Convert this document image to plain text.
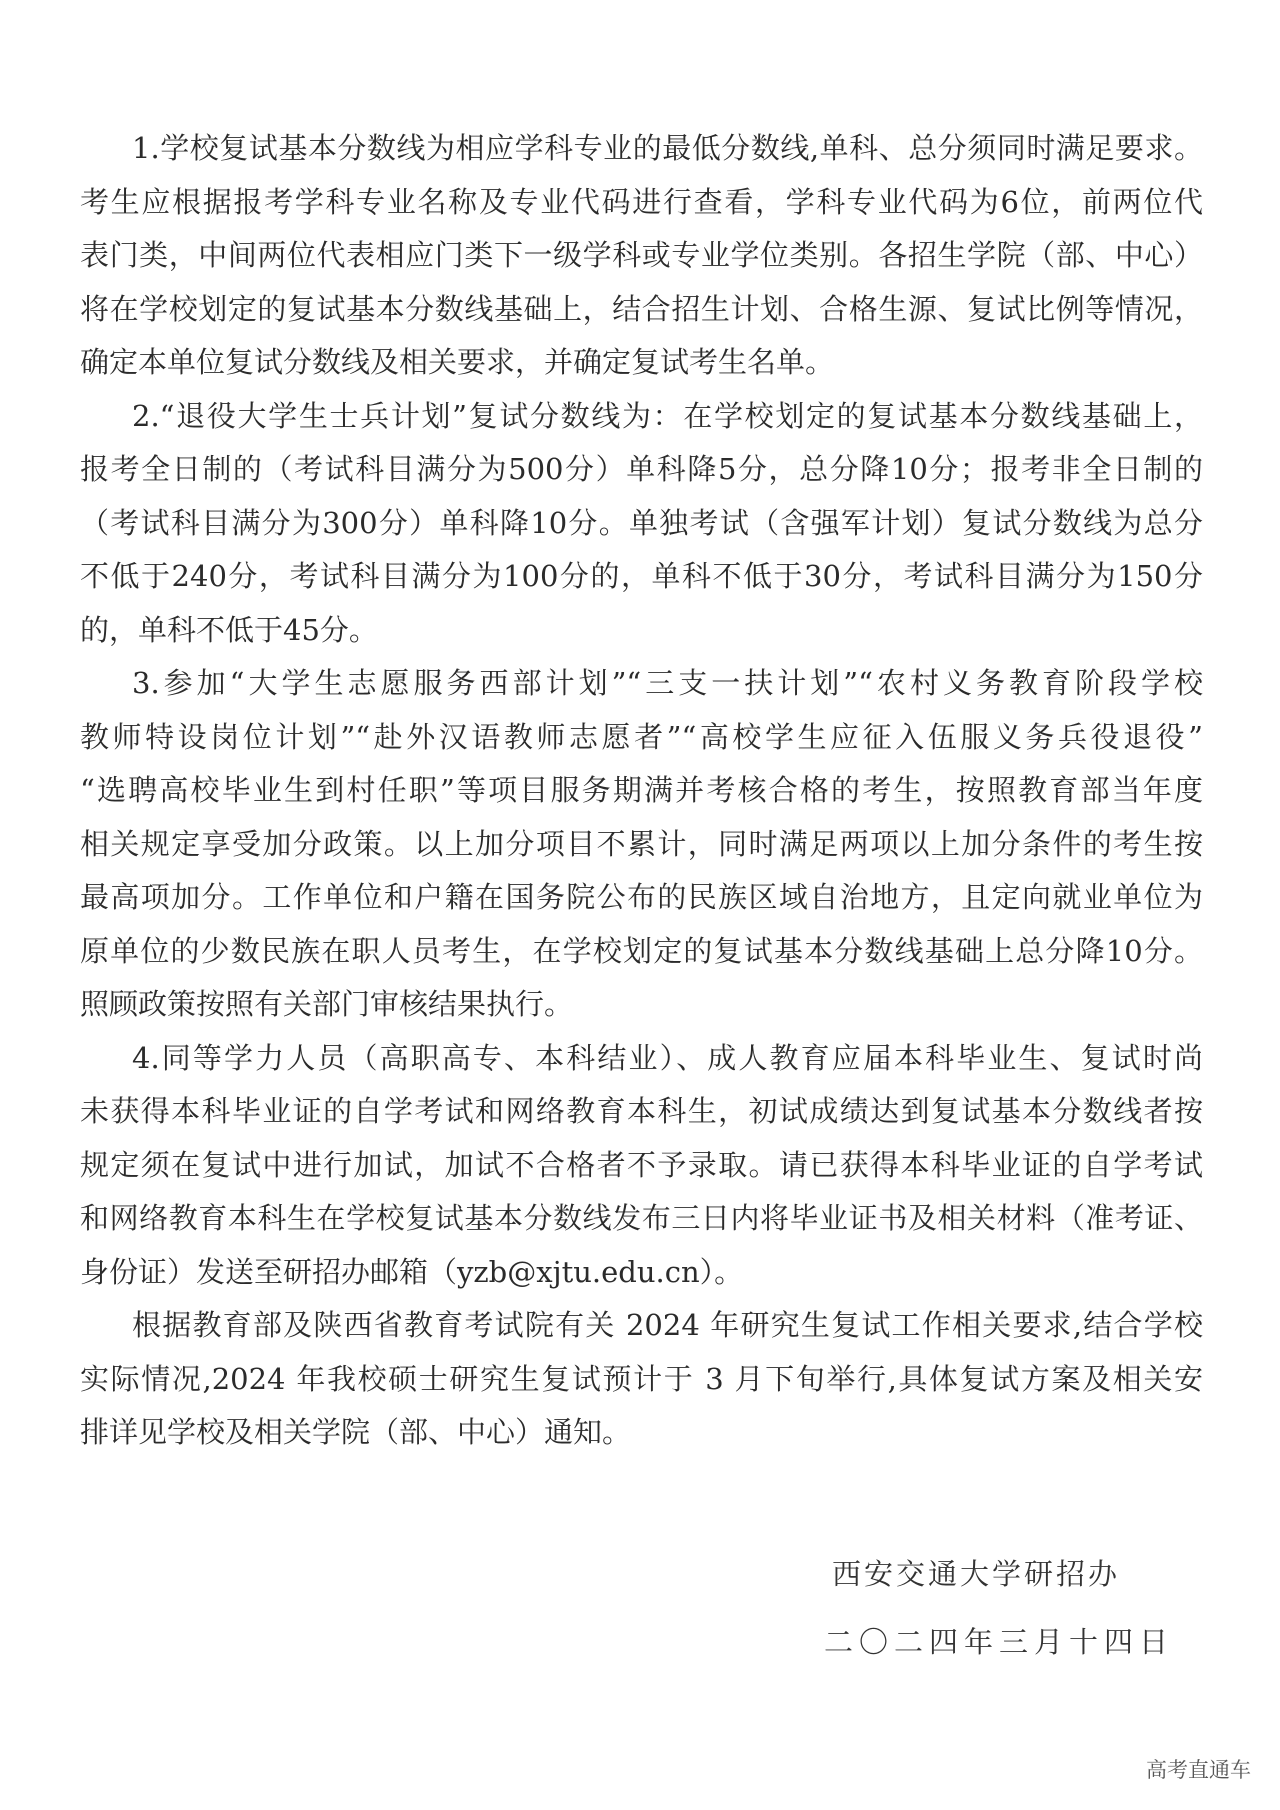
1.学校复试基本分数线为相应学科专业的最低分数线,单科、总分须同时满足要求。
考生应根据报考学科专业名称及专业代码进行查看，学科专业代码为6位，前两位代
表门类，中间两位代表相应门类下一级学科或专业学位类别。各招生学院（部、中心）
将在学校划定的复试基本分数线基础上，结合招生计划、合格生源、复试比例等情况，
确定本单位复试分数线及相关要求，并确定复试考生名单。
2.“退役大学生士兵计划”复试分数线为：在学校划定的复试基本分数线基础上，
报考全日制的（考试科目满分为500分）单科降5分，总分降10分；报考非全日制的
（考试科目满分为300分）单科降10分。单独考试（含强军计划）复试分数线为总分
不低于240分，考试科目满分为100分的，单科不低于30分，考试科目满分为150分
的，单科不低于45分。
3.参加“大学生志愿服务西部计划”“三支一扶计划”“农村义务教育阶段学校
教师特设岗位计划”“赴外汉语教师志愿者”“高校学生应征入伍服义务兵役退役”
“选聘高校毕业生到村任职”等项目服务期满并考核合格的考生，按照教育部当年度
相关规定享受加分政策。以上加分项目不累计，同时满足两项以上加分条件的考生按
最高项加分。工作单位和户籍在国务院公布的民族区域自治地方，且定向就业单位为
原单位的少数民族在职人员考生，在学校划定的复试基本分数线基础上总分降10分。
照顾政策按照有关部门审核结果执行。
4.同等学力人员（高职高专、本科结业）、成人教育应届本科毕业生、复试时尚
未获得本科毕业证的自学考试和网络教育本科生，初试成绩达到复试基本分数线者按
规定须在复试中进行加试，加试不合格者不予录取。请已获得本科毕业证的自学考试
和网络教育本科生在学校复试基本分数线发布三日内将毕业证书及相关材料（准考证、
身份证）发送至研招办邮箱（yzb@xjtu.edu.cn）。
根据教育部及陕西省教育考试院有关 2024 年研究生复试工作相关要求,结合学校
实际情况,2024 年我校硕士研究生复试预计于 3 月下旬举行,具体复试方案及相关安
排详见学校及相关学院（部、中心）通知。
西安交通大学研招办
二〇二四年三月十四日
高考直通车
